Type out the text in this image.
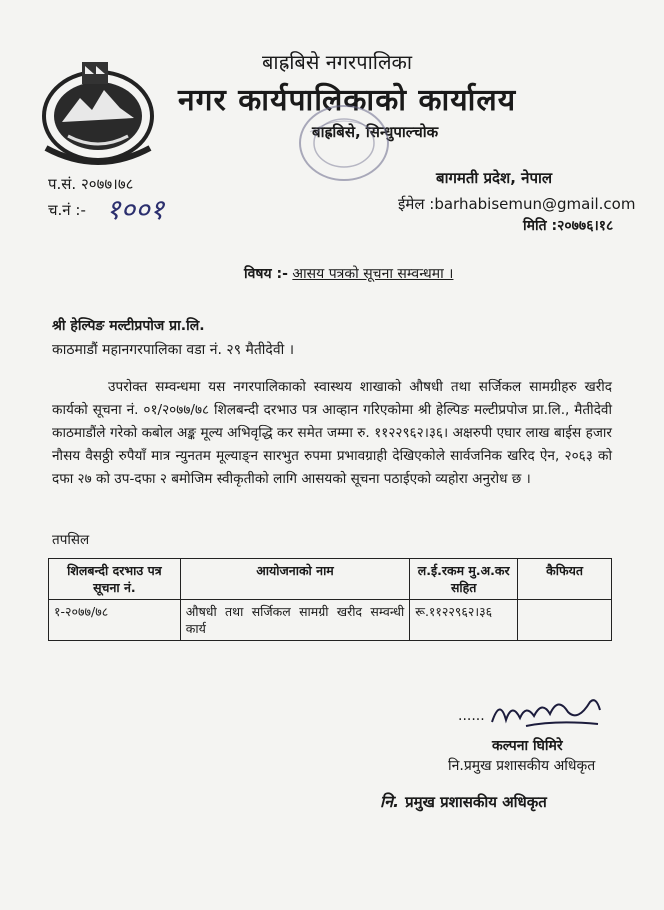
बाह्रबिसे नगरपालिका
नगर कार्यपालिकाको कार्यालय
बाह्रबिसे, सिन्धुपाल्चोक
प.सं. २०७७।७८
च.नं :- १००१
बागमती प्रदेश, नेपाल
ईमेल :barhabisemun@gmail.com
मिति :२०७७६।१८
विषय :- आसय पत्रको सूचना सम्वन्धमा ।
श्री हेल्पिङ मल्टीप्रपोज प्रा.लि.
काठमाडौं महानगरपालिका वडा नं. २९ मैतीदेवी ।
उपरोक्त सम्वन्धमा यस नगरपालिकाको स्वास्थय शाखाको औषधी तथा सर्जिकल सामग्रीहरु खरीद कार्यको सूचना नं. ०१/२०७७/७८ शिलबन्दी दरभाउ पत्र आव्हान गरिएकोमा श्री हेल्पिङ मल्टीप्रपोज प्रा.लि., मैतीदेवी काठमाडौंले गरेको कबोल अङ्क मूल्य अभिवृद्धि कर समेत जम्मा रु. ११२२९६२।३६। अक्षरुपी एघार लाख बाईस हजार नौसय वैसठ्ठी रुपैयाँ मात्र न्युनतम मूल्याङ्न सारभुत रुपमा प्रभावग्राही देखिएकोले सार्वजनिक खरिद ऐन, २०६३ को दफा २७ को उप-दफा २ बमोजिम स्वीकृतीको लागि आसयको सूचना पठाईएको व्यहोरा अनुरोध छ ।
तपसिल
शिलबन्दी दरभाउ पत्र सूचना नं.	आयोजनाको नाम	ल.ई.रकम मु.अ.कर सहित	कैफियत
१-२०७७/७८	औषधी तथा सर्जिकल सामग्री खरीद सम्वन्धी कार्य	रू.११२२९६२।३६	
......
कल्पना घिमिरे
नि.प्रमुख प्रशासकीय अधिकृत
नि. प्रमुख प्रशासकीय अधिकृत
